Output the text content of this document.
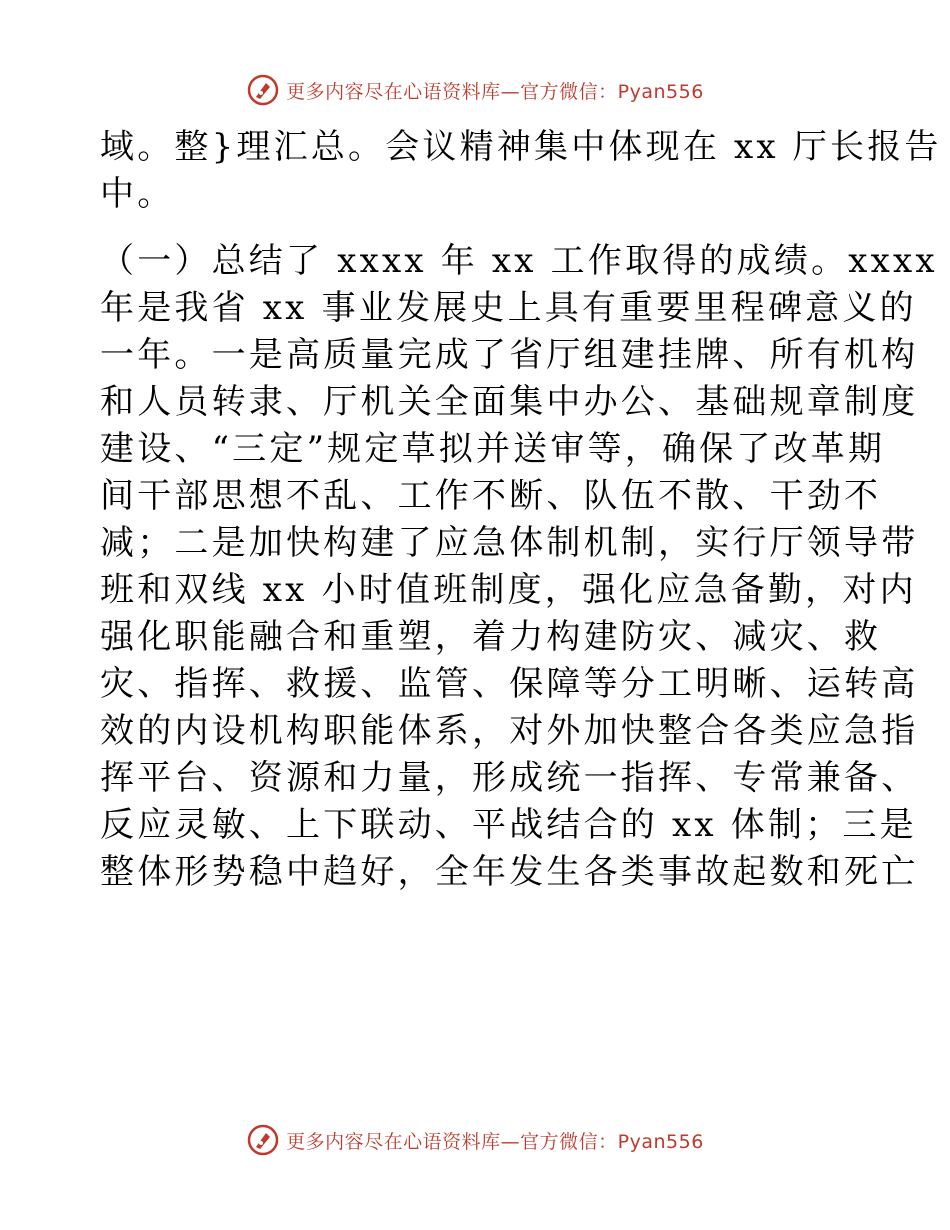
更多内容尽在心语资料库—官方微信：Pyan556
域。整}理汇总。会议精神集中体现在 xx 厅长报告
中。
（一）总结了 xxxx 年 xx 工作取得的成绩。xxxx
年是我省 xx 事业发展史上具有重要里程碑意义的
一年。一是高质量完成了省厅组建挂牌、所有机构
和人员转隶、厅机关全面集中办公、基础规章制度
建设、“三定”规定草拟并送审等，确保了改革期
间干部思想不乱、工作不断、队伍不散、干劲不
减；二是加快构建了应急体制机制，实行厅领导带
班和双线 xx 小时值班制度，强化应急备勤，对内
强化职能融合和重塑，着力构建防灾、减灾、救
灾、指挥、救援、监管、保障等分工明晰、运转高
效的内设机构职能体系，对外加快整合各类应急指
挥平台、资源和力量，形成统一指挥、专常兼备、
反应灵敏、上下联动、平战结合的 xx 体制；三是
整体形势稳中趋好，全年发生各类事故起数和死亡
更多内容尽在心语资料库—官方微信：Pyan556
